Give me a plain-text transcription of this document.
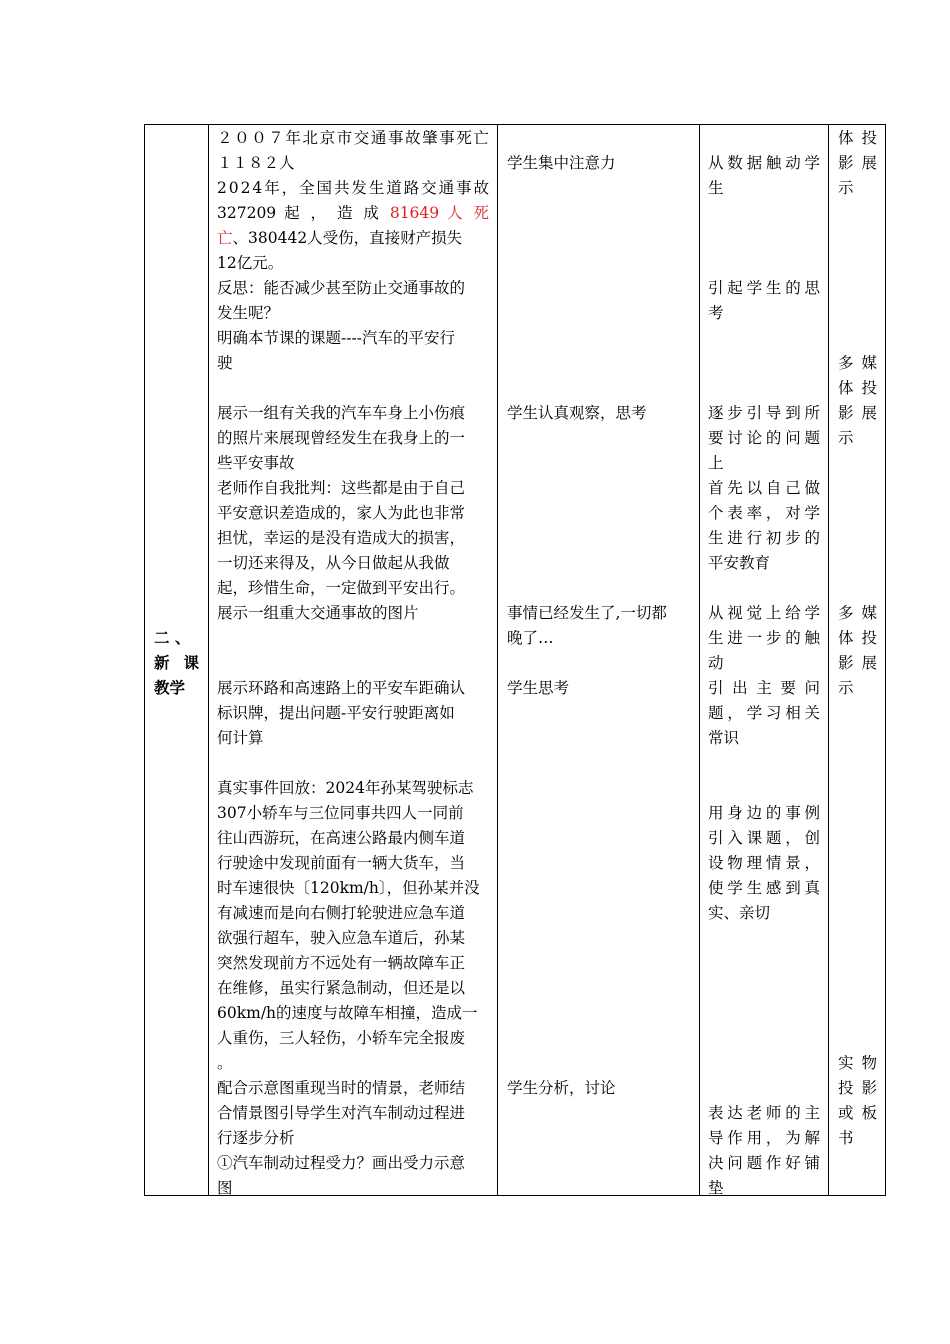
二 、
新 课
教学
２ ０ ０ ７ 年 北 京 市 交 通 事 故 肇 事 死 亡
１１８２人
2 0 2 4 年 ， 全 国 共 发 生 道 路 交 通 事 故
327209 起 ， 造 成 81649 人 死
亡、380442人受伤，直接财产损失
12亿元。
反思：能否减少甚至防止交通事故的
发生呢？
明确本节课的课题----汽车的平安行
驶
展示一组有关我的汽车车身上小伤痕
的照片来展现曾经发生在我身上的一
些平安事故
老师作自我批判：这些都是由于自己
平安意识差造成的，家人为此也非常
担忧，幸运的是没有造成大的损害，
一切还来得及，从今日做起从我做
起，珍惜生命，一定做到平安出行。
展示一组重大交通事故的图片
展示环路和高速路上的平安车距确认
标识牌，提出问题-平安行驶距离如
何计算
真实事件回放：2024年孙某驾驶标志
307小轿车与三位同事共四人一同前
往山西游玩，在高速公路最内侧车道
行驶途中发现前面有一辆大货车，当
时车速很快〔120km/h〕，但孙某并没
有减速而是向右侧打轮驶进应急车道
欲强行超车，驶入应急车道后，孙某
突然发现前方不远处有一辆故障车正
在维修，虽实行紧急制动，但还是以
60km/h的速度与故障车相撞，造成一
人重伤，三人轻伤，小轿车完全报废
。
配合示意图重现当时的情景，老师结
合情景图引导学生对汽车制动过程进
行逐步分析
①汽车制动过程受力？画出受力示意
图
学生集中注意力
学生认真观察，思考
事情已经发生了,一切都
晚了…
学生思考
学生分析，讨论
从 数 据 触 动 学
生
引 起 学 生 的 思
考
逐 步 引 导 到 所
要 讨 论 的 问 题
上
首 先 以 自 己 做
个 表 率 ， 对 学
生 进 行 初 步 的
平安教育
从 视 觉 上 给 学
生 进 一 步 的 触
动
引 出 主 要 问
题 ， 学 习 相 关
常识
用 身 边 的 事 例
引 入 课 题 ， 创
设 物 理 情 景 ，
使 学 生 感 到 真
实、亲切
表 达 老 师 的 主
导 作 用 ， 为 解
决 问 题 作 好 铺
垫
体 投
影 展
示
多 媒
体 投
影 展
示
多 媒
体 投
影 展
示
实 物
投 影
或 板
书
